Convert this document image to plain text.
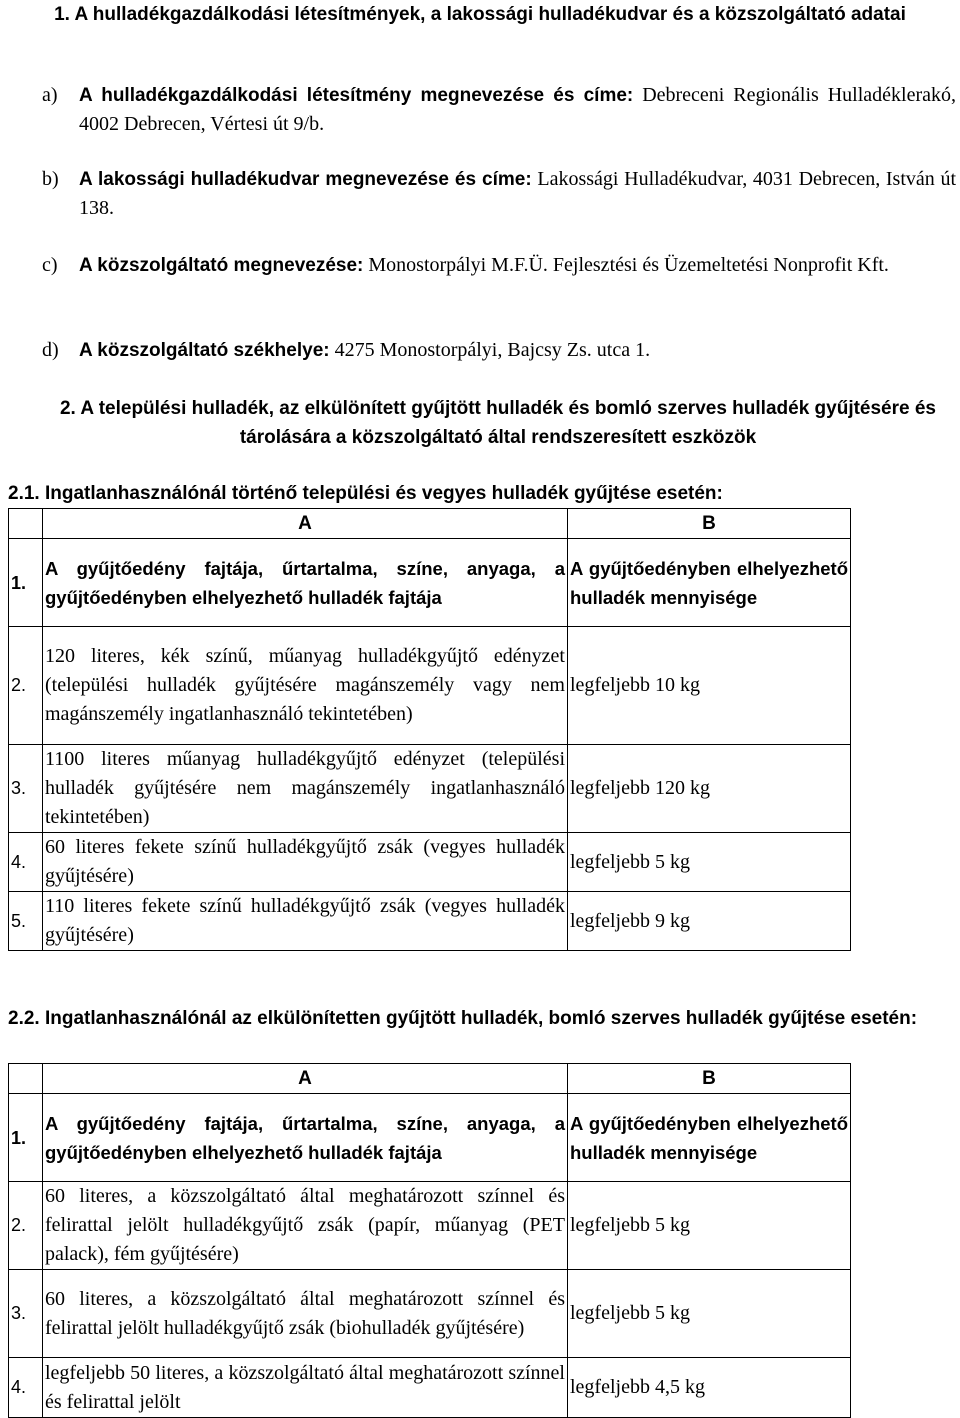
1. A hulladékgazdálkodási létesítmények, a lakossági hulladékudvar és a közszolgáltató adatai
a)	A hulladékgazdálkodási létesítmény megnevezése és címe: Debreceni Regionális Hulladéklerakó, 4002 Debrecen, Vértesi út 9/b.
b)	A lakossági hulladékudvar megnevezése és címe: Lakossági Hulladékudvar, 4031 Debrecen, István út 138.
c)	A közszolgáltató megnevezése: Monostorpályi M.F.Ü. Fejlesztési és Üzemeltetési Nonprofit Kft.
d)	A közszolgáltató székhelye: 4275 Monostorpályi, Bajcsy Zs. utca 1.
2. A települési hulladék, az elkülönített gyűjtött hulladék és bomló szerves hulladék gyűjtésére és tárolására a közszolgáltató által rendszeresített eszközök
2.1. Ingatlanhasználónál történő települési és vegyes hulladék gyűjtése esetén:
	A	B
1.	A gyűjtőedény fajtája, űrtartalma, színe, anyaga, a gyűjtőedényben elhelyezhető hulladék fajtája	A gyűjtőedényben elhelyezhető hulladék mennyisége
2.	120 literes, kék színű, műanyag hulladékgyűjtő edényzet (települési hulladék gyűjtésére magánszemély vagy nem magánszemély ingatlanhasználó tekintetében)	legfeljebb 10 kg
3.	1100 literes műanyag hulladékgyűjtő edényzet (települési hulladék gyűjtésére nem magánszemély ingatlanhasználó tekintetében)	legfeljebb 120 kg
4.	60 literes fekete színű hulladékgyűjtő zsák (vegyes hulladék gyűjtésére)	legfeljebb 5 kg
5.	110 literes fekete színű hulladékgyűjtő zsák (vegyes hulladék gyűjtésére)	legfeljebb 9 kg
2.2. Ingatlanhasználónál az elkülönítetten gyűjtött hulladék, bomló szerves hulladék gyűjtése esetén:
	A	B
1.	A gyűjtőedény fajtája, űrtartalma, színe, anyaga, a gyűjtőedényben elhelyezhető hulladék fajtája	A gyűjtőedényben elhelyezhető hulladék mennyisége
2.	60 literes, a közszolgáltató által meghatározott színnel és felirattal jelölt hulladékgyűjtő zsák (papír, műanyag (PET palack), fém gyűjtésére)	legfeljebb 5 kg
3.	60 literes, a közszolgáltató által meghatározott színnel és felirattal jelölt hulladékgyűjtő zsák (biohulladék gyűjtésére)	legfeljebb 5 kg
4.	legfeljebb 50 literes, a közszolgáltató által meghatározott színnel és felirattal jelölt	legfeljebb 4,5 kg
